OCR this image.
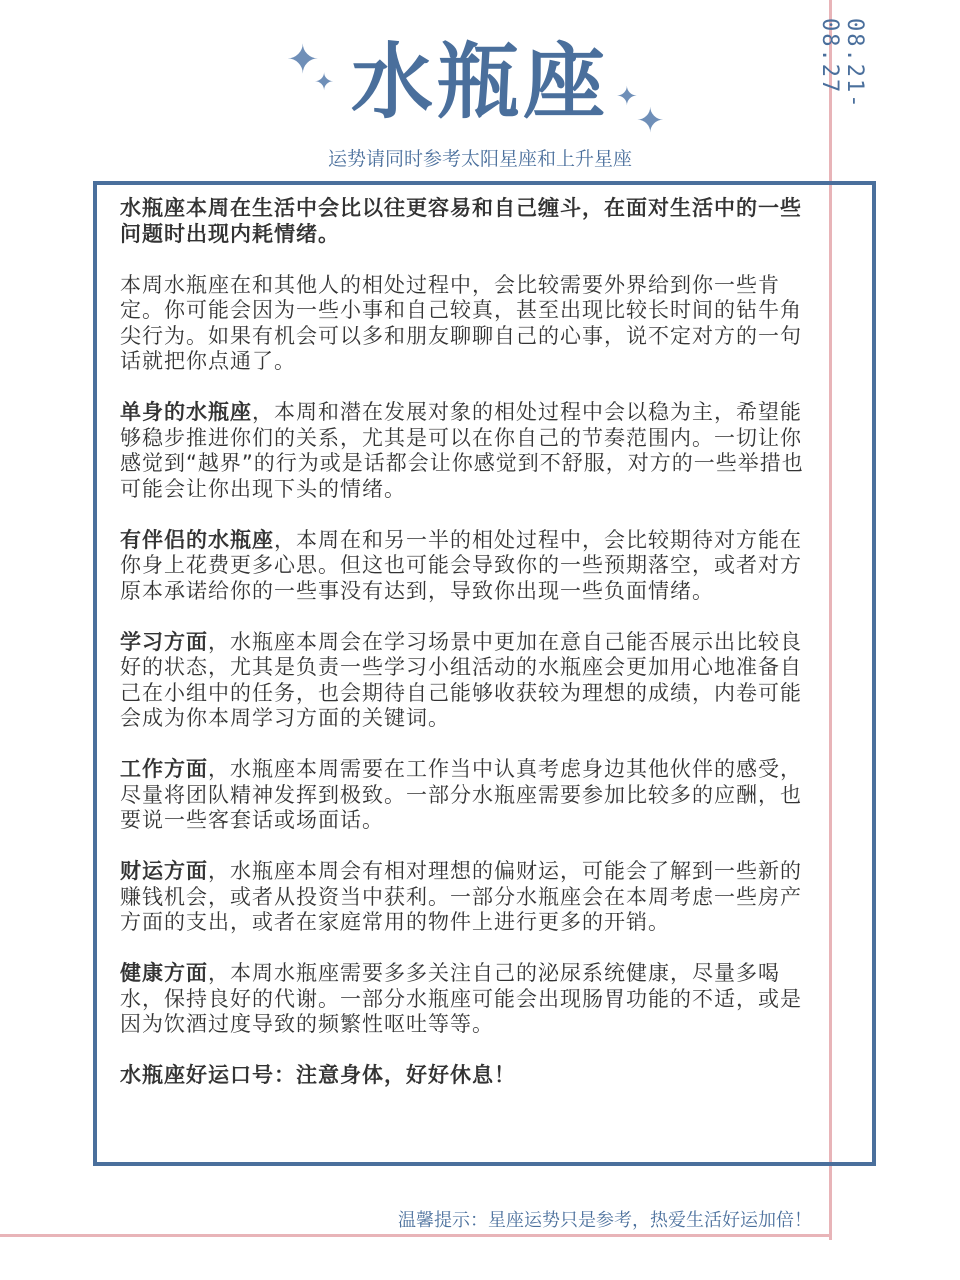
✦
✦	✦
✦
水瓶座
运势请同时参考太阳星座和上升星座
08.21-08.27

水瓶座本周在生活中会比以往更容易和自己缠斗，在面对生活中的一些问题时出现内耗情绪。

本周水瓶座在和其他人的相处过程中，会比较需要外界给到你一些肯定。你可能会因为一些小事和自己较真，甚至出现比较长时间的钻牛角尖行为。如果有机会可以多和朋友聊聊自己的心事，说不定对方的一句话就把你点通了。

单身的水瓶座，本周和潜在发展对象的相处过程中会以稳为主，希望能够稳步推进你们的关系，尤其是可以在你自己的节奏范围内。一切让你感觉到“越界”的行为或是话都会让你感觉到不舒服，对方的一些举措也可能会让你出现下头的情绪。

有伴侣的水瓶座，本周在和另一半的相处过程中，会比较期待对方能在你身上花费更多心思。但这也可能会导致你的一些预期落空，或者对方原本承诺给你的一些事没有达到，导致你出现一些负面情绪。

学习方面，水瓶座本周会在学习场景中更加在意自己能否展示出比较良好的状态，尤其是负责一些学习小组活动的水瓶座会更加用心地准备自己在小组中的任务，也会期待自己能够收获较为理想的成绩，内卷可能会成为你本周学习方面的关键词。

工作方面，水瓶座本周需要在工作当中认真考虑身边其他伙伴的感受，尽量将团队精神发挥到极致。一部分水瓶座需要参加比较多的应酬，也要说一些客套话或场面话。

财运方面，水瓶座本周会有相对理想的偏财运，可能会了解到一些新的赚钱机会，或者从投资当中获利。一部分水瓶座会在本周考虑一些房产方面的支出，或者在家庭常用的物件上进行更多的开销。

健康方面，本周水瓶座需要多多关注自己的泌尿系统健康，尽量多喝水，保持良好的代谢。一部分水瓶座可能会出现肠胃功能的不适，或是因为饮酒过度导致的频繁性呕吐等等。

水瓶座好运口号：注意身体，好好休息！

温馨提示：星座运势只是参考，热爱生活好运加倍！
